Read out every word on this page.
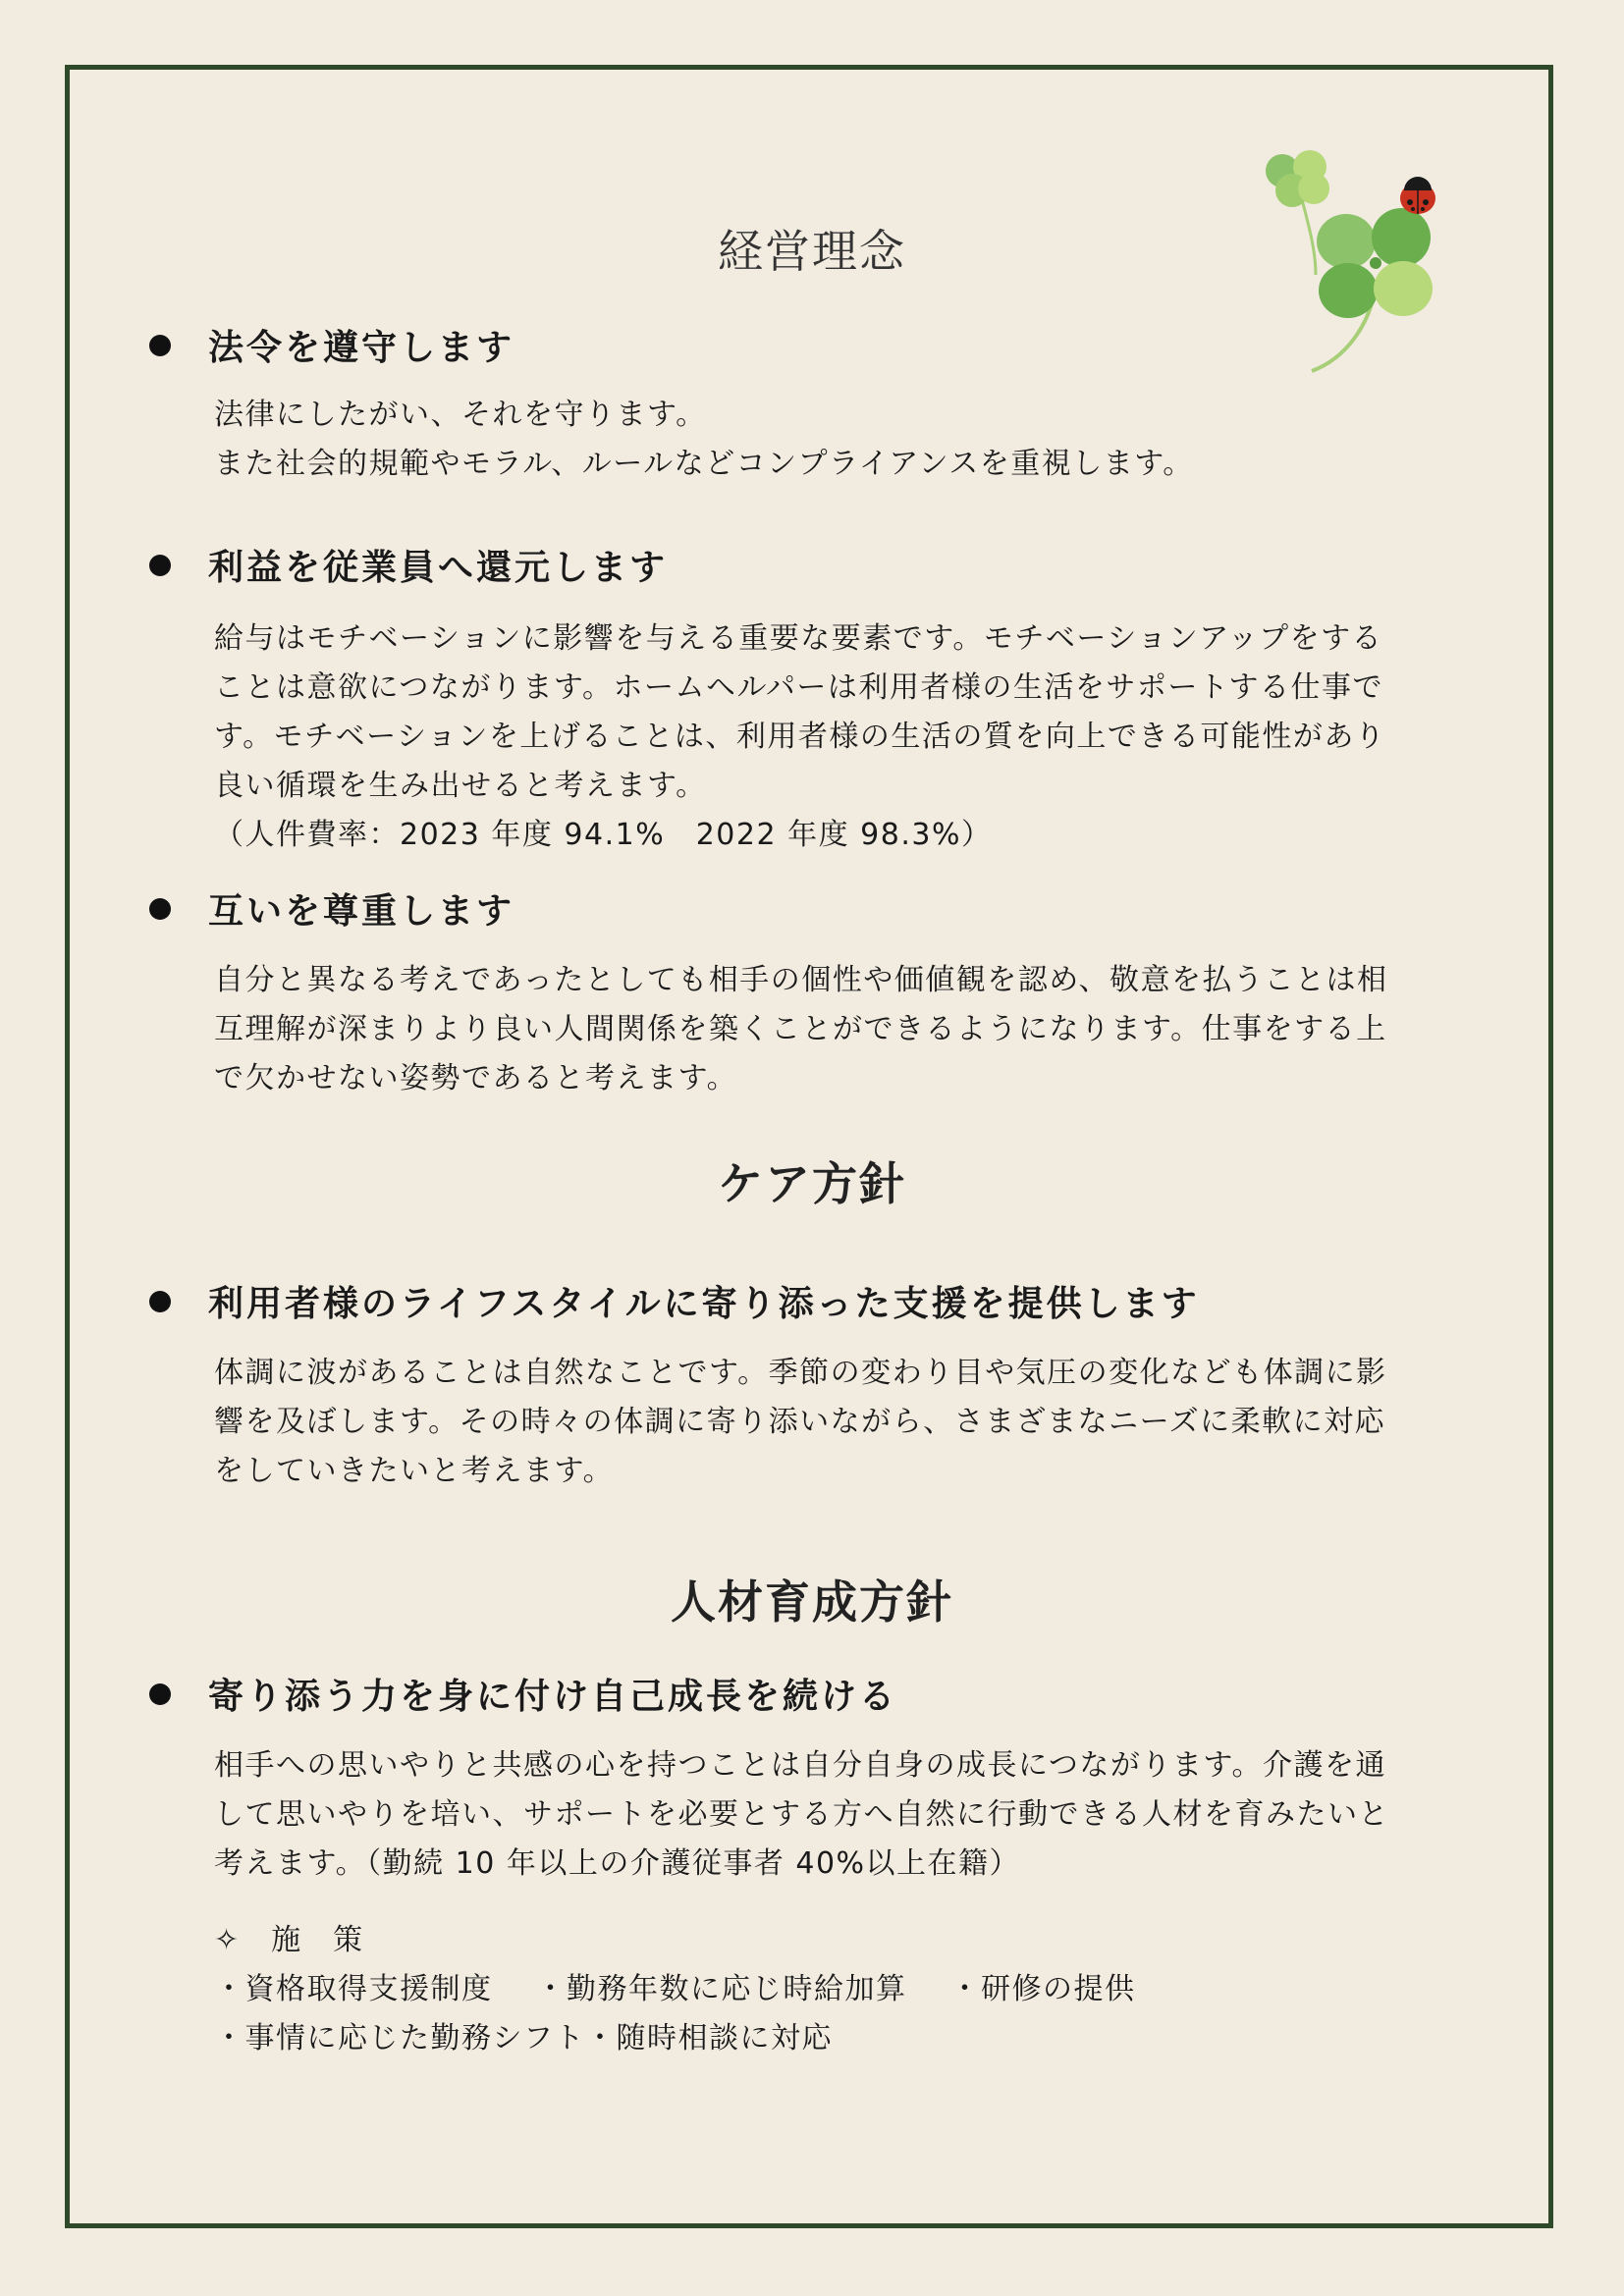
経営理念
法令を遵守します
法律にしたがい、それを守ります。
また社会的規範やモラル、ルールなどコンプライアンスを重視します。
利益を従業員へ還元します
給与はモチベーションに影響を与える重要な要素です。モチベーションアップをする
ことは意欲につながります。ホームヘルパーは利用者様の生活をサポートする仕事で
す。モチベーションを上げることは、利用者様の生活の質を向上できる可能性があり
良い循環を生み出せると考えます。
（人件費率：2023 年度 94.1%　2022 年度 98.3%）
互いを尊重します
自分と異なる考えであったとしても相手の個性や価値観を認め、敬意を払うことは相
互理解が深まりより良い人間関係を築くことができるようになります。仕事をする上
で欠かせない姿勢であると考えます。
ケア方針
利用者様のライフスタイルに寄り添った支援を提供します
体調に波があることは自然なことです。季節の変わり目や気圧の変化なども体調に影
響を及ぼします。その時々の体調に寄り添いながら、さまざまなニーズに柔軟に対応
をしていきたいと考えます。
人材育成方針
寄り添う力を身に付け自己成長を続ける
相手への思いやりと共感の心を持つことは自分自身の成長につながります。介護を通
して思いやりを培い、サポートを必要とする方へ自然に行動できる人材を育みたいと
考えます。（勤続 10 年以上の介護従事者 40%以上在籍）
✧　施　策
・資格取得支援制度 ・勤務年数に応じ時給加算 ・研修の提供
・事情に応じた勤務シフト・随時相談に対応
